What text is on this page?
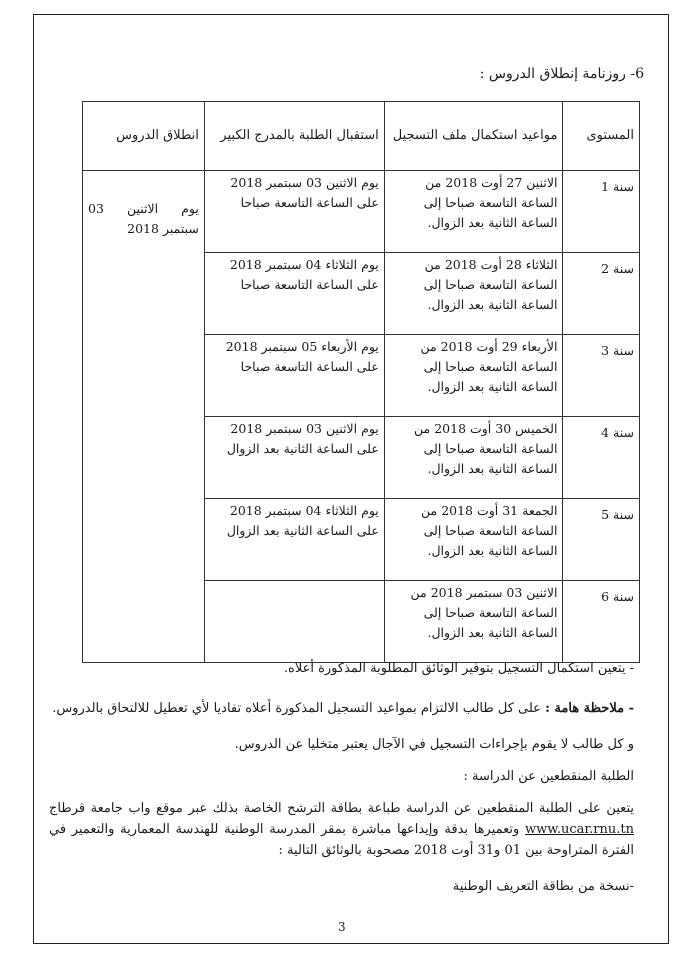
6- روزنامة إنطلاق الدروس :
المستوى	مواعيد استكمال ملف التسجيل	استقبال الطلبة بالمدرج الكبير	انطلاق الدروس
سنة 1	الاثنين 27 أوت 2018 من الساعة التاسعة صباحا إلى الساعة الثانية بعد الزوال.	يوم الاثنين 03 سبتمبر 2018 على الساعة التاسعة صباحا	يوم الاثنين 03 سبتمبر 2018
سنة 2	الثلاثاء 28 أوت 2018 من الساعة التاسعة صباحا إلى الساعة الثانية بعد الزوال.	يوم الثلاثاء 04 سبتمبر 2018 على الساعة التاسعة صباحا	
سنة 3	الأربعاء 29 أوت 2018 من الساعة التاسعة صباحا إلى الساعة الثانية بعد الزوال.	يوم الأربعاء 05 سبتمبر 2018 على الساعة التاسعة صباحا	
سنة 4	الخميس 30 أوت 2018 من الساعة التاسعة صباحا إلى الساعة الثانية بعد الزوال.	يوم الاثنين 03 سبتمبر 2018 على الساعة الثانية بعد الزوال	
سنة 5	الجمعة 31 أوت 2018 من الساعة التاسعة صباحا إلى الساعة الثانية بعد الزوال.	يوم الثلاثاء 04 سبتمبر 2018 على الساعة الثانية بعد الزوال	
سنة 6	الاثنين 03 سبتمبر 2018 من الساعة التاسعة صباحا إلى الساعة الثانية بعد الزوال.		
- يتعين استكمال التسجيل بتوفير الوثائق المطلوبة المذكورة أعلاه.
- ملاحظة هامة : على كل طالب الالتزام بمواعيد التسجيل المذكورة أعلاه تفاديا لأي تعطيل للالتحاق بالدروس.
و كل طالب لا يقوم بإجراءات التسجيل في الآجال يعتبر متخليا عن الدروس.
الطلبة المنقطعين عن الدراسة :
يتعين على الطلبة المنقطعين عن الدراسة طباعة بطاقة الترشح الخاصة بذلك عبر موقع واب جامعة قرطاج www.ucar.rnu.tn وتعميرها بدقة وإيداعها مباشرة بمقر المدرسة الوطنية للهندسة المعمارية والتعمير في الفترة المتراوحة بين 01 و31 أوت 2018 مصحوبة بالوثائق التالية :
-نسخة من بطاقة التعريف الوطنية
3
